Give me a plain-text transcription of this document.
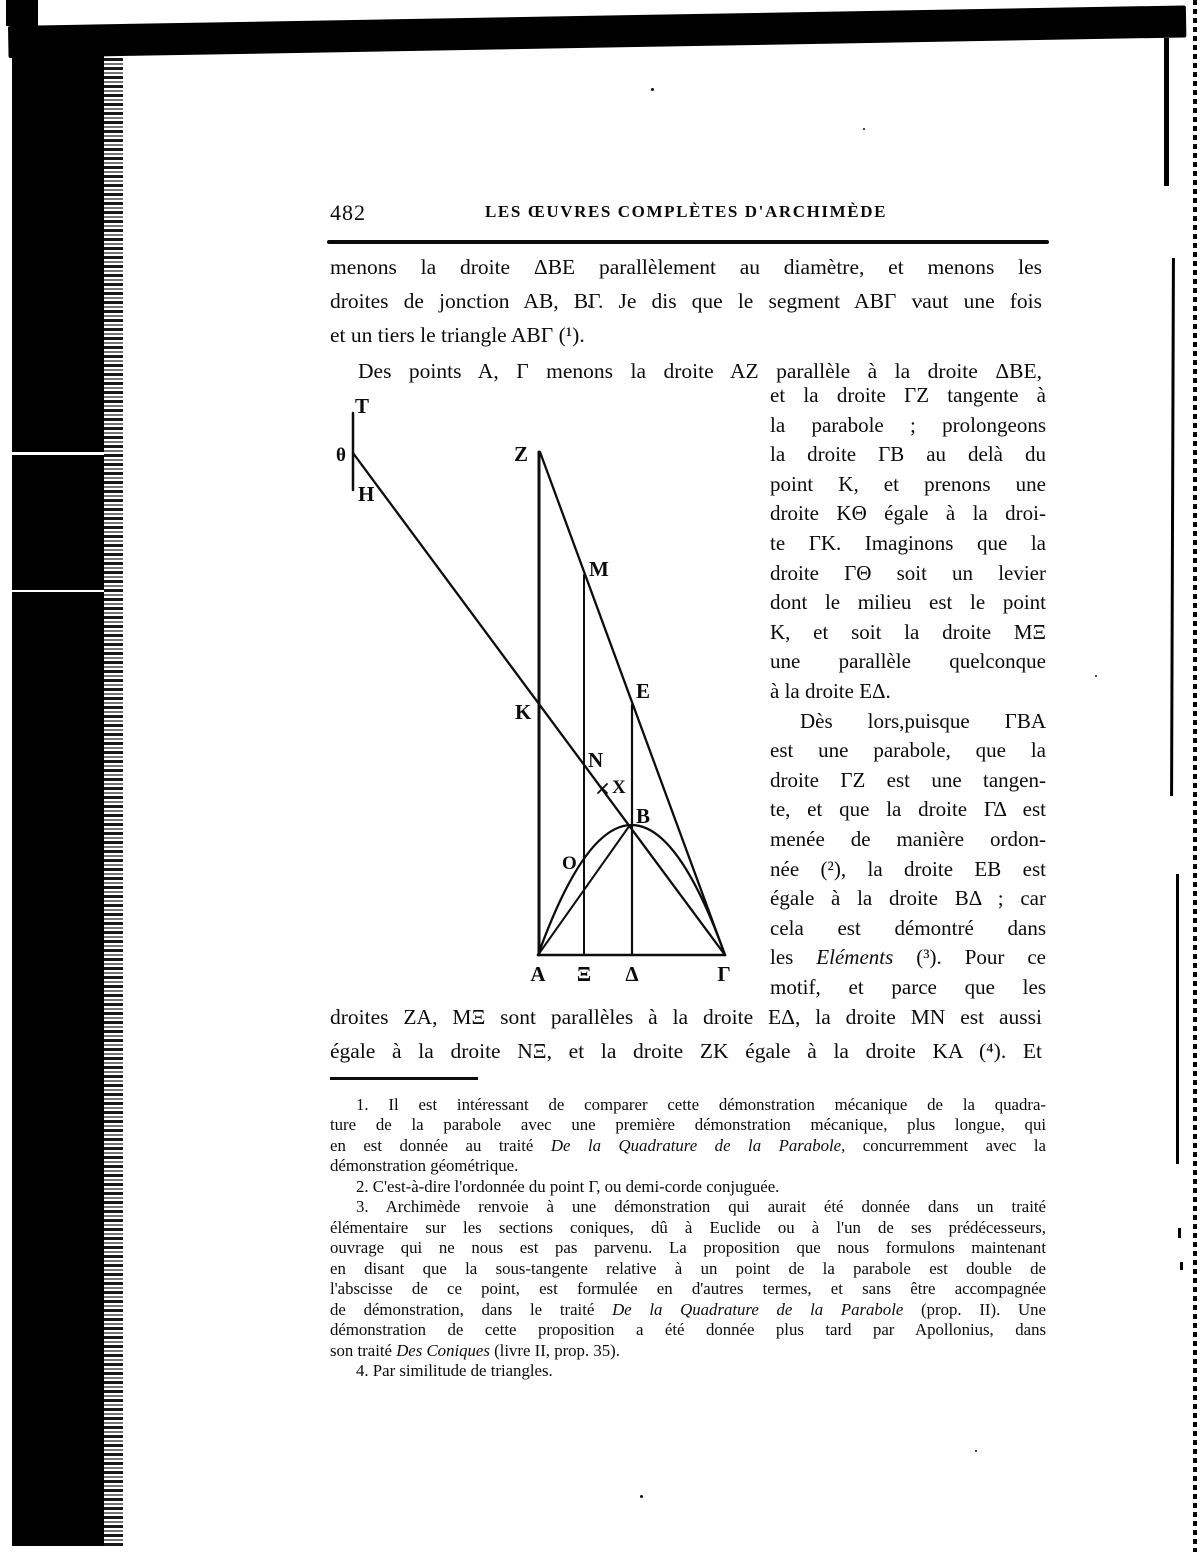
482	LES ŒUVRES COMPLÈTES D'ARCHIMÈDE
menons la droite ΔBE parallèlement au diamètre, et menons les
droites de jonction AB, BΓ. Je dis que le segment ABΓ vaut une fois
et un tiers le triangle ABΓ (¹).
Des points A, Γ menons la droite AZ parallèle à la droite ΔBE,
et la droite ΓZ tangente à
la parabole ; prolongeons
la droite ΓB au delà du
point K, et prenons une
droite KΘ égale à la droi-
te ΓK. Imaginons que la
droite ΓΘ soit un levier
dont le milieu est le point
K, et soit la droite MΞ
une parallèle quelconque
à la droite EΔ.
Dès lors,puisque ΓBA
est une parabole, que la
droite ΓZ est une tangen-
te, et que la droite ΓΔ est
menée de manière ordon-
née (²), la droite EB est
égale à la droite BΔ ; car
cela est démontré dans
les Eléments (³). Pour ce
motif, et parce que les
droites ZA, MΞ sont parallèles à la droite EΔ, la droite MN est aussi
égale à la droite NΞ, et la droite ZK égale à la droite KA (⁴). Et
1. Il est intéressant de comparer cette démonstration mécanique de la quadra-
ture de la parabole avec une première démonstration mécanique, plus longue, qui
en est donnée au traité De la Quadrature de la Parabole, concurremment avec la
démonstration géométrique.
2. C'est-à-dire l'ordonnée du point Γ, ou demi-corde conjuguée.
3. Archimède renvoie à une démonstration qui aurait été donnée dans un traité
élémentaire sur les sections coniques, dû à Euclide ou à l'un de ses prédécesseurs,
ouvrage qui ne nous est pas parvenu. La proposition que nous formulons maintenant
en disant que la sous-tangente relative à un point de la parabole est double de
l'abscisse de ce point, est formulée en d'autres termes, et sans être accompagnée
de démonstration, dans le traité De la Quadrature de la Parabole (prop. II). Une
démonstration de cette proposition a été donnée plus tard par Apollonius, dans
son traité Des Coniques (livre II, prop. 35).
4. Par similitude de triangles.
T
θ
H
Z
M
K
E
N
X
B
O
A Ξ Δ	Γ
